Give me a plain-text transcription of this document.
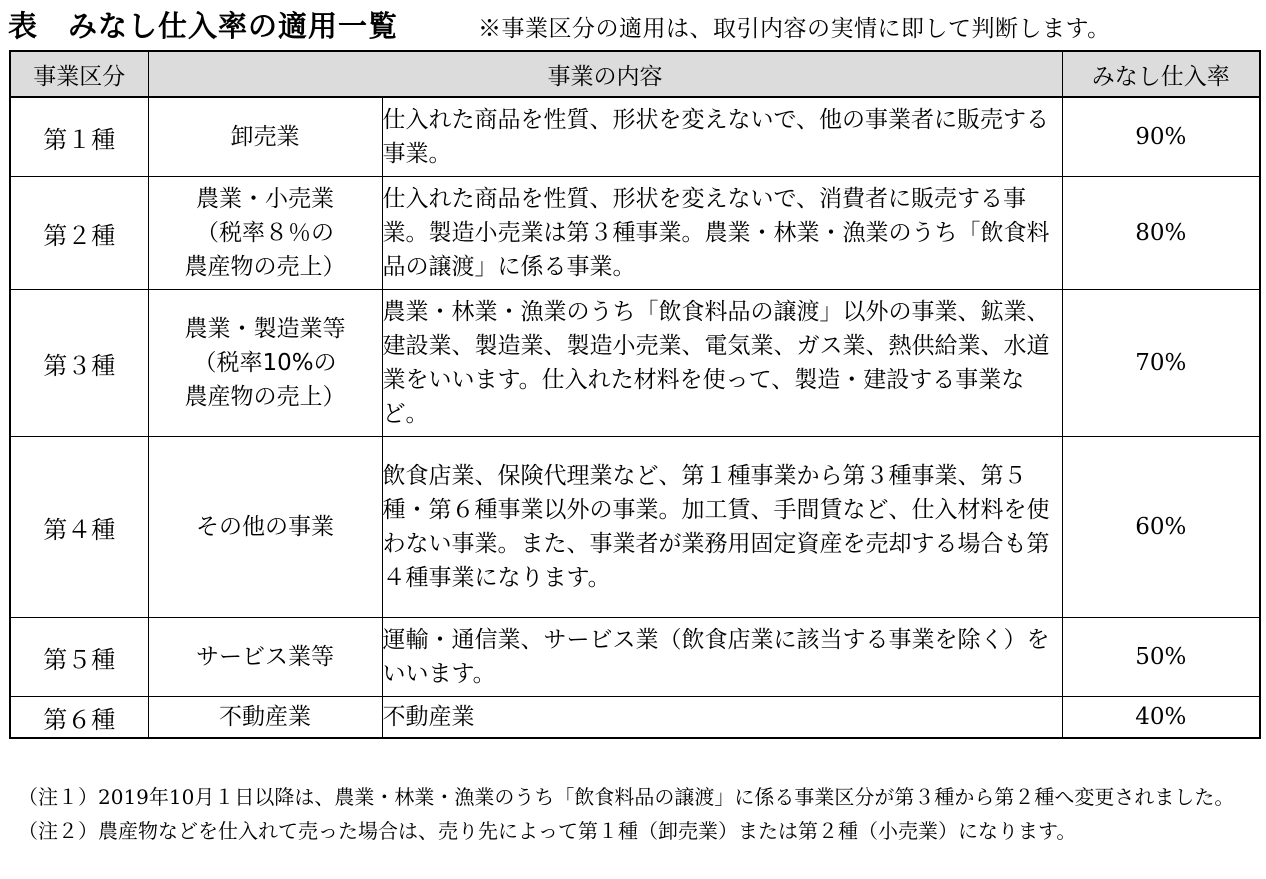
表　みなし仕入率の適用一覧	※事業区分の適用は、取引内容の実情に即して判断します。
事業区分	事業の内容		みなし仕入率
第１種	卸売業	仕入れた商品を性質、形状を変えないで、他の事業者に販売する事業。	90%
第２種	農業・小売業
（税率８％の
農産物の売上）	仕入れた商品を性質、形状を変えないで、消費者に販売する事業。製造小売業は第３種事業。農業・林業・漁業のうち「飲食料品の譲渡」に係る事業。	80%
第３種	農業・製造業等
（税率10%の
農産物の売上）	農業・林業・漁業のうち「飲食料品の譲渡」以外の事業、鉱業、建設業、製造業、製造小売業、電気業、ガス業、熱供給業、水道業をいいます。仕入れた材料を使って、製造・建設する事業など。	70%
第４種	その他の事業	飲食店業、保険代理業など、第１種事業から第３種事業、第５種・第６種事業以外の事業。加工賃、手間賃など、仕入材料を使わない事業。また、事業者が業務用固定資産を売却する場合も第４種事業になります。	60%
第５種	サービス業等	運輸・通信業、サービス業（飲食店業に該当する事業を除く）をいいます。	50%
第６種	不動産業	不動産業	40%
（注１） 2019年10月１日以降は、農業・林業・漁業のうち「飲食料品の譲渡」に係る事業区分が第３種から第２種へ変更されました。
（注２） 農産物などを仕入れて売った場合は、売り先によって第１種（卸売業）または第２種（小売業）になります。
